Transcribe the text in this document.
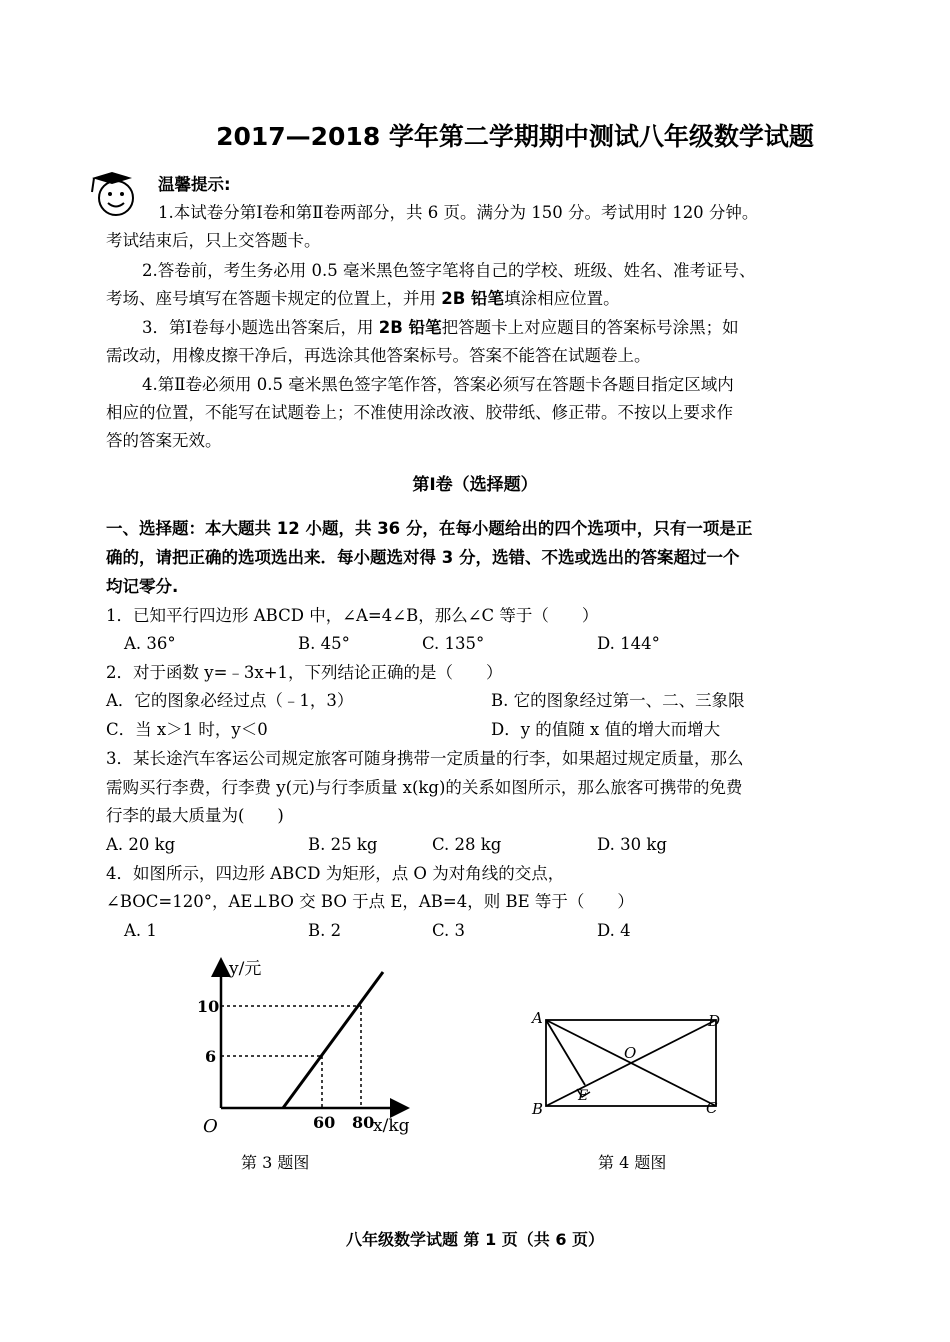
2017—2018 学年第二学期期中测试八年级数学试题
温馨提示:
1.本试卷分第Ⅰ卷和第Ⅱ卷两部分，共 6 页。满分为 150 分。考试用时 120 分钟。
考试结束后，只上交答题卡。
2.答卷前，考生务必用 0.5 毫米黑色签字笔将自己的学校、班级、姓名、准考证号、
考场、座号填写在答题卡规定的位置上，并用 2B 铅笔填涂相应位置。
3．第Ⅰ卷每小题选出答案后，用 2B 铅笔把答题卡上对应题目的答案标号涂黑；如
需改动，用橡皮擦干净后，再选涂其他答案标号。答案不能答在试题卷上。
4.第Ⅱ卷必须用 0.5 毫米黑色签字笔作答，答案必须写在答题卡各题目指定区域内
相应的位置，不能写在试题卷上；不准使用涂改液、胶带纸、修正带。不按以上要求作
答的答案无效。
第Ⅰ卷（选择题）
一、选择题：本大题共 12 小题，共 36 分，在每小题给出的四个选项中，只有一项是正
确的，请把正确的选项选出来．每小题选对得 3 分，选错、不选或选出的答案超过一个
均记零分.
1．已知平行四边形 ABCD 中，∠A=4∠B，那么∠C 等于（　　）
A. 36°	B. 45°	C. 135°	D. 144°
2．对于函数 y=﹣3x+1，下列结论正确的是（　　）
A．它的图象必经过点（﹣1，3）	B. 它的图象经过第一、二、三象限
C．当 x＞1 时，y＜0	D．y 的值随 x 值的增大而增大
3．某长途汽车客运公司规定旅客可随身携带一定质量的行李，如果超过规定质量，那么
需购买行李费，行李费 y(元)与行李质量 x(kg)的关系如图所示，那么旅客可携带的免费
行李的最大质量为(　　)
A. 20 kg	B. 25 kg	C. 28 kg	D. 30 kg
4．如图所示，四边形 ABCD 为矩形，点 O 为对角线的交点，
∠BOC=120°，AE⊥BO 交 BO 于点 E，AB=4，则 BE 等于（　　）
A. 1	B. 2	C. 3	D. 4
y/元
x/kg
O
10
6
60 80
第 3 题图
A	D
B	C
O
E
第 4 题图
八年级数学试题 第 1 页（共 6 页）
